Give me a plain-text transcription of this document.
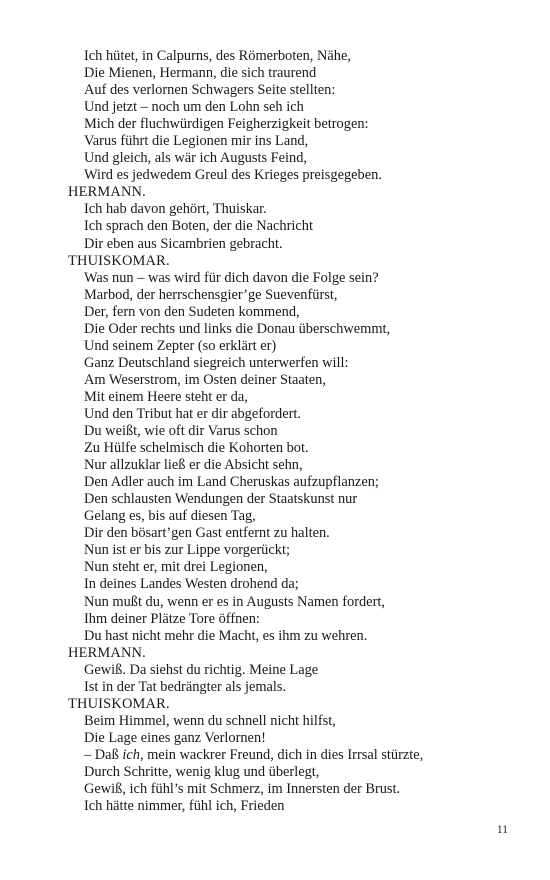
Ich hütet, in Calpurns, des Römerboten, Nähe,
Die Mienen, Hermann, die sich traurend
Auf des verlornen Schwagers Seite stellten:
Und jetzt – noch um den Lohn seh ich
Mich der fluchwürdigen Feigherzigkeit betrogen:
Varus führt die Legionen mir ins Land,
Und gleich, als wär ich Augusts Feind,
Wird es jedwedem Greul des Krieges preisgegeben.
HERMANN.
Ich hab davon gehört, Thuiskar.
Ich sprach den Boten, der die Nachricht
Dir eben aus Sicambrien gebracht.
THUISKOMAR.
Was nun – was wird für dich davon die Folge sein?
Marbod, der herrschensgier’ge Suevenfürst,
Der, fern von den Sudeten kommend,
Die Oder rechts und links die Donau überschwemmt,
Und seinem Zepter (so erklärt er)
Ganz Deutschland siegreich unterwerfen will:
Am Weserstrom, im Osten deiner Staaten,
Mit einem Heere steht er da,
Und den Tribut hat er dir abgefordert.
Du weißt, wie oft dir Varus schon
Zu Hülfe schelmisch die Kohorten bot.
Nur allzuklar ließ er die Absicht sehn,
Den Adler auch im Land Cheruskas aufzupflanzen;
Den schlausten Wendungen der Staatskunst nur
Gelang es, bis auf diesen Tag,
Dir den bösart’gen Gast entfernt zu halten.
Nun ist er bis zur Lippe vorgerückt;
Nun steht er, mit drei Legionen,
In deines Landes Westen drohend da;
Nun mußt du, wenn er es in Augusts Namen fordert,
Ihm deiner Plätze Tore öffnen:
Du hast nicht mehr die Macht, es ihm zu wehren.
HERMANN.
Gewiß. Da siehst du richtig. Meine Lage
Ist in der Tat bedrängter als jemals.
THUISKOMAR.
Beim Himmel, wenn du schnell nicht hilfst,
Die Lage eines ganz Verlornen!
– Daß ich, mein wackrer Freund, dich in dies Irrsal stürzte,
Durch Schritte, wenig klug und überlegt,
Gewiß, ich fühl’s mit Schmerz, im Innersten der Brust.
Ich hätte nimmer, fühl ich, Frieden
11
